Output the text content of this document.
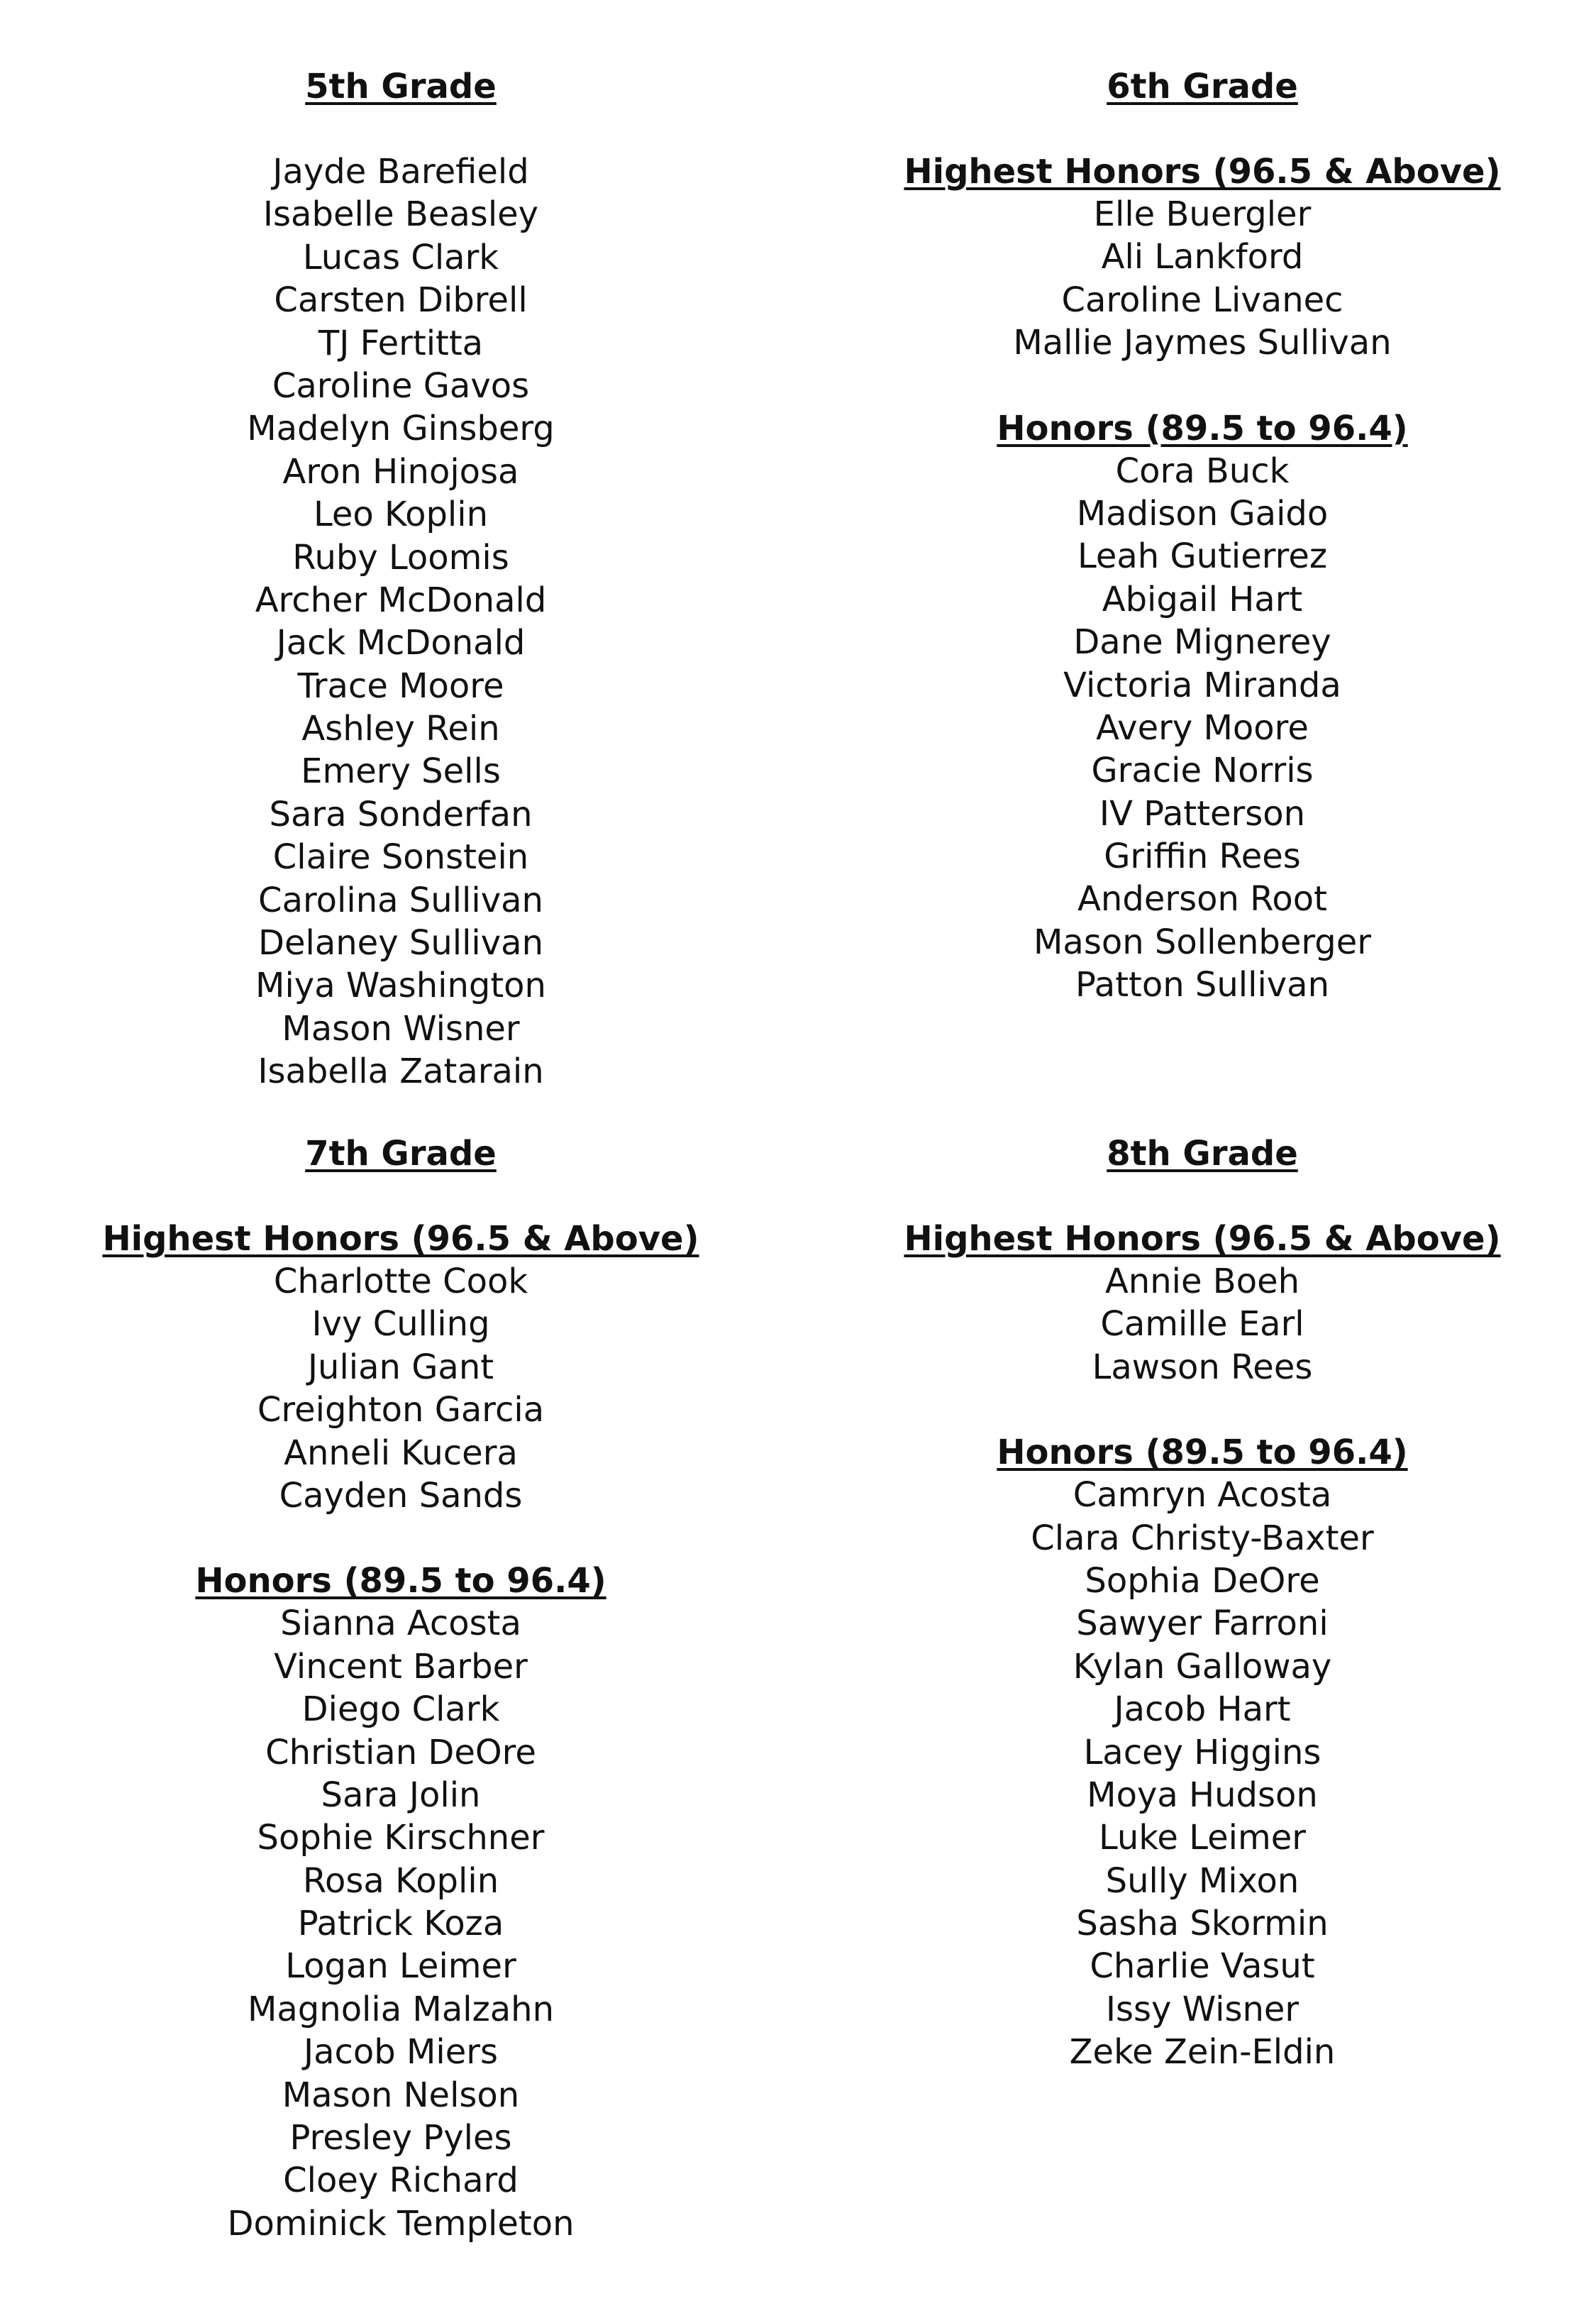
5th Grade
Jayde Barefield
Isabelle Beasley
Lucas Clark
Carsten Dibrell
TJ Fertitta
Caroline Gavos
Madelyn Ginsberg
Aron Hinojosa
Leo Koplin
Ruby Loomis
Archer McDonald
Jack McDonald
Trace Moore
Ashley Rein
Emery Sells
Sara Sonderfan
Claire Sonstein
Carolina Sullivan
Delaney Sullivan
Miya Washington
Mason Wisner
Isabella Zatarain
6th Grade
Highest Honors (96.5 & Above)
Elle Buergler
Ali Lankford
Caroline Livanec
Mallie Jaymes Sullivan
Honors (89.5 to 96.4)
Cora Buck
Madison Gaido
Leah Gutierrez
Abigail Hart
Dane Mignerey
Victoria Miranda
Avery Moore
Gracie Norris
IV Patterson
Griffin Rees
Anderson Root
Mason Sollenberger
Patton Sullivan
7th Grade
Highest Honors (96.5 & Above)
Charlotte Cook
Ivy Culling
Julian Gant
Creighton Garcia
Anneli Kucera
Cayden Sands
Honors (89.5 to 96.4)
Sianna Acosta
Vincent Barber
Diego Clark
Christian DeOre
Sara Jolin
Sophie Kirschner
Rosa Koplin
Patrick Koza
Logan Leimer
Magnolia Malzahn
Jacob Miers
Mason Nelson
Presley Pyles
Cloey Richard
Dominick Templeton
8th Grade
Highest Honors (96.5 & Above)
Annie Boeh
Camille Earl
Lawson Rees
Honors (89.5 to 96.4)
Camryn Acosta
Clara Christy-Baxter
Sophia DeOre
Sawyer Farroni
Kylan Galloway
Jacob Hart
Lacey Higgins
Moya Hudson
Luke Leimer
Sully Mixon
Sasha Skormin
Charlie Vasut
Issy Wisner
Zeke Zein-Eldin
